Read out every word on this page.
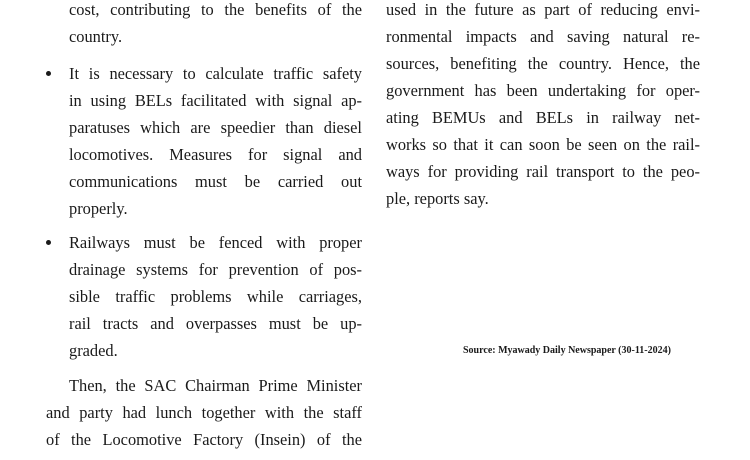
cost, contributing to the benefits of the
country.
It is necessary to calculate traffic safety
in using BELs facilitated with signal ap-
paratuses which are speedier than diesel
locomotives. Measures for signal and
communications must be carried out
properly.
Railways must be fenced with proper
drainage systems for prevention of pos-
sible traffic problems while carriages,
rail tracts and overpasses must be up-
graded.
Then, the SAC Chairman Prime Minister
and party had lunch together with the staff
of the Locomotive Factory (Insein) of the
used in the future as part of reducing envi-
ronmental impacts and saving natural re-
sources, benefiting the country. Hence, the
government has been undertaking for oper-
ating BEMUs and BELs in railway net-
works so that it can soon be seen on the rail-
ways for providing rail transport to the peo-
ple, reports say.
Source: Myawady Daily Newspaper (30-11-2024)
